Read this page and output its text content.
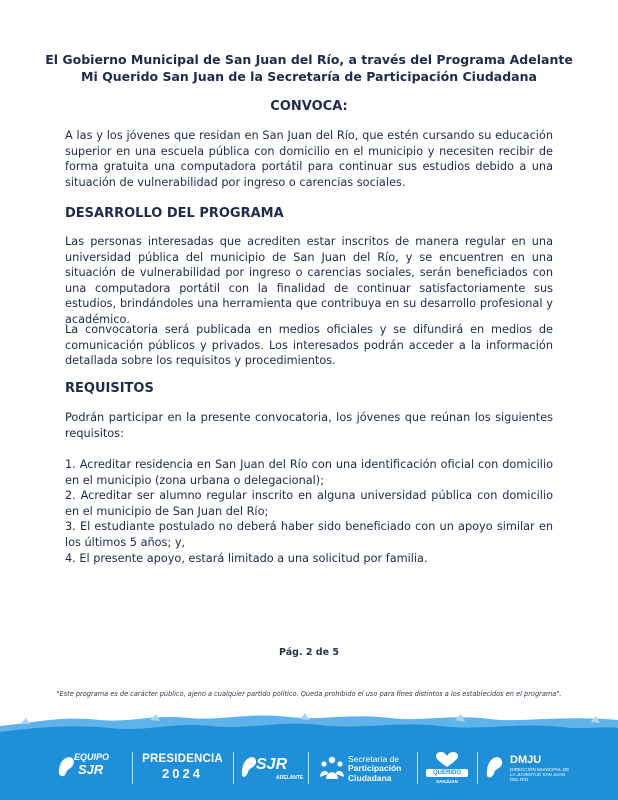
El Gobierno Municipal de San Juan del Río, a través del Programa Adelante
Mi Querido San Juan de la Secretaría de Participación Ciudadana
CONVOCA:

A las y los jóvenes que residan en San Juan del Río, que estén cursando su educación superior en una escuela pública con domicilio en el municipio y necesiten recibir de forma gratuita una computadora portátil para continuar sus estudios debido a una situación de vulnerabilidad por ingreso o carencias sociales.

DESARROLLO DEL PROGRAMA

Las personas interesadas que acrediten estar inscritos de manera regular en una universidad pública del municipio de San Juan del Río, y se encuentren en una situación de vulnerabilidad por ingreso o carencias sociales, serán beneficiados con una computadora portátil con la finalidad de continuar satisfactoriamente sus estudios, brindándoles una herramienta que contribuya en su desarrollo profesional y académico.

La convocatoria será publicada en medios oficiales y se difundirá en medios de comunicación públicos y privados. Los interesados podrán acceder a la información detallada sobre los requisitos y procedimientos.

REQUISITOS

Podrán participar en la presente convocatoria, los jóvenes que reúnan los siguientes requisitos:

1. Acreditar residencia en San Juan del Río con una identificación oficial con domicilio en el municipio (zona urbana o delegacional);
2. Acreditar ser alumno regular inscrito en alguna universidad pública con domicilio en el municipio de San Juan del Río;
3. El estudiante postulado no deberá haber sido beneficiado con un apoyo similar en los últimos 5 años; y,
4. El presente apoyo, estará limitado a una solicitud por familia.
Pág. 2 de 5
"Este programa es de carácter público, ajeno a cualquier partido político. Queda prohibido el uso para fines distintos a los establecidos en el programa".
EQUIPO
SJR
PRESIDENCIA
2024
SJR
ADELANTE
Secretaría de
Participación
Ciudadana	QUERIDO
SANJUAN
DMJU
DIRECCIÓN MUNICIPAL DE LA JUVENTUD SAN JUAN DEL RÍO
